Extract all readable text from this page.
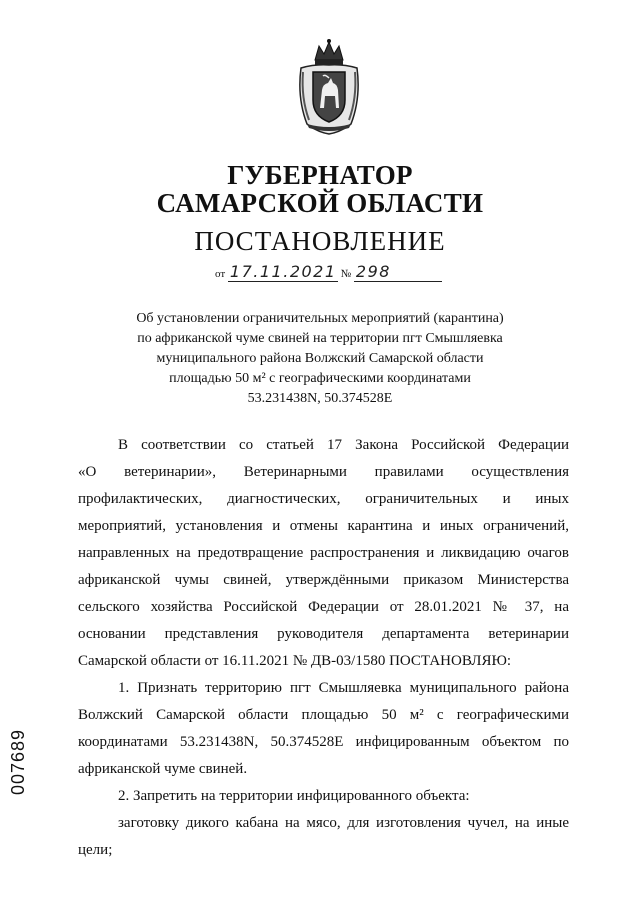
ГУБЕРНАТОР
САМАРСКОЙ ОБЛАСТИ
ПОСТАНОВЛЕНИЕ
от 17.11.2021 № 298
Об установлении ограничительных мероприятий (карантина)
по африканской чуме свиней на территории пгт Смышляевка
муниципального района Волжский Самарской области
площадью 50 м² с географическими координатами
53.231438N, 50.374528E
В соответствии со статьей 17 Закона Российской Федерации
«О ветеринарии», Ветеринарными правилами осуществления
профилактических, диагностических, ограничительных и иных
мероприятий, установления и отмены карантина и иных ограничений,
направленных на предотвращение распространения и ликвидацию очагов
африканской чумы свиней, утверждёнными приказом Министерства
сельского хозяйства Российской Федерации от 28.01.2021 № 37, на
основании представления руководителя департамента ветеринарии
Самарской области от 16.11.2021 № ДВ-03/1580 ПОСТАНОВЛЯЮ:
1. Признать территорию пгт Смышляевка муниципального района
Волжский Самарской области площадью 50 м² с географическими
координатами 53.231438N, 50.374528E инфицированным объектом по
африканской чуме свиней.
2. Запретить на территории инфицированного объекта:
заготовку дикого кабана на мясо, для изготовления чучел, на иные
цели;
007689
